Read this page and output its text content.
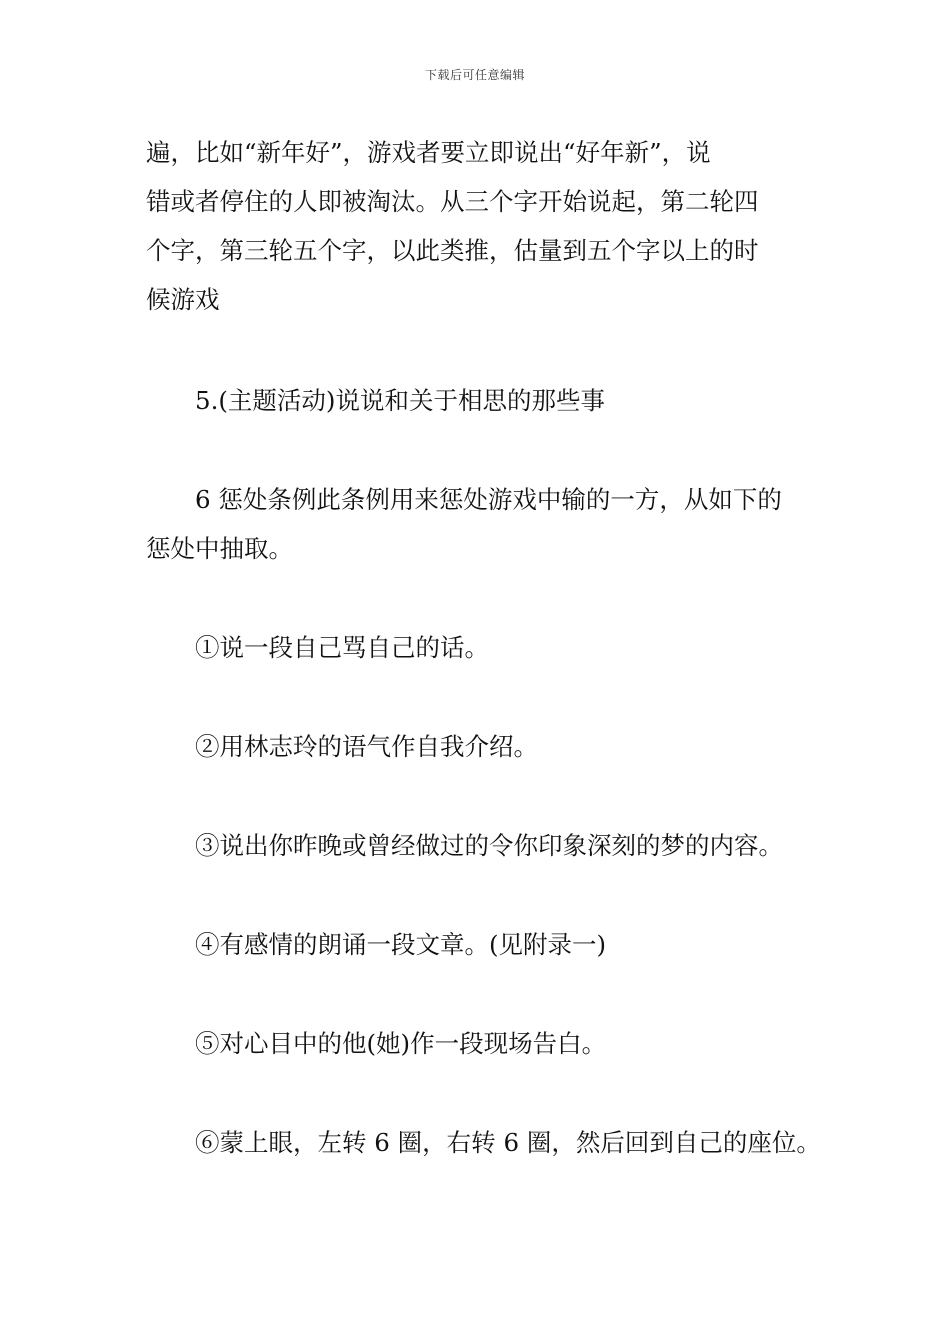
下载后可任意编辑

遍，比如“新年好”，游戏者要立即说出“好年新”，说
错或者停住的人即被淘汰。从三个字开始说起，第二轮四
个字，第三轮五个字，以此类推，估量到五个字以上的时
候游戏

5.(主题活动)说说和关于相思的那些事

6 惩处条例此条例用来惩处游戏中输的一方，从如下的
惩处中抽取。

①说一段自己骂自己的话。

②用林志玲的语气作自我介绍。

③说出你昨晚或曾经做过的令你印象深刻的梦的内容。

④有感情的朗诵一段文章。(见附录一)

⑤对心目中的他(她)作一段现场告白。

⑥蒙上眼，左转 6 圈，右转 6 圈，然后回到自己的座位。
